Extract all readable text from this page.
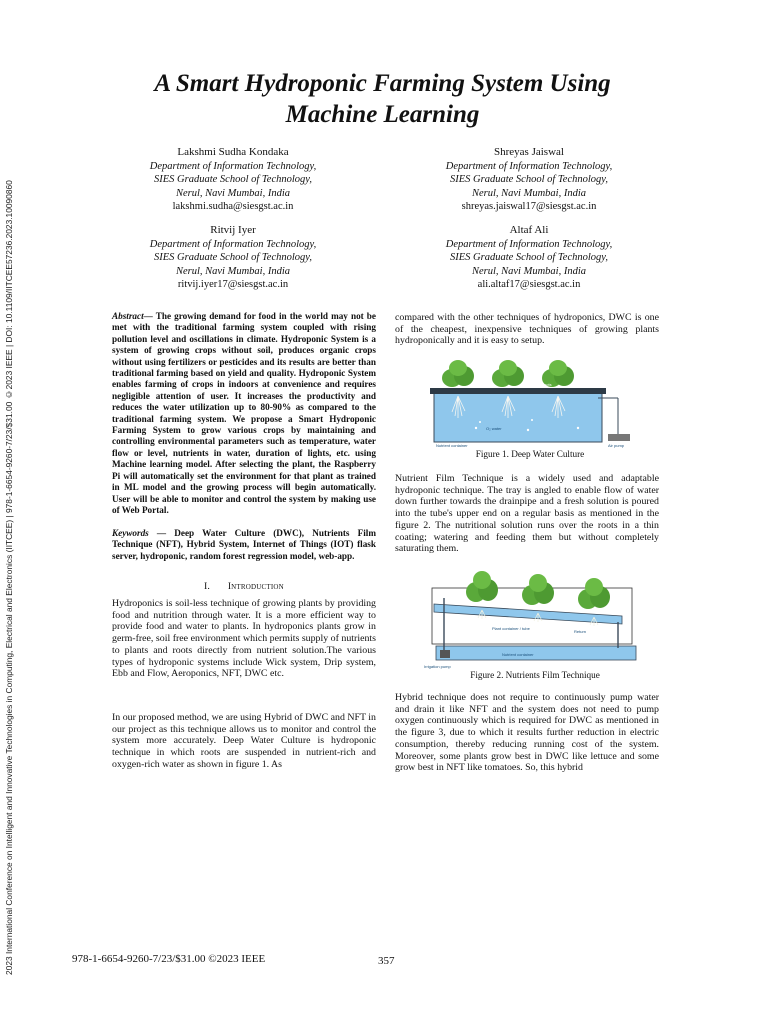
2023 International Conference on Intelligent and Innovative Technologies in Computing, Electrical and Electronics (IITCEE) | 978-1-6654-9260-7/23/$31.00 ©2023 IEEE | DOI: 10.1109/IITCEE57236.2023.10090860
A Smart Hydroponic Farming System Using Machine Learning
Lakshmi Sudha Kondaka
Department of Information Technology,
SIES Graduate School of Technology,
Nerul, Navi Mumbai, India
lakshmi.sudha@siesgst.ac.in
Shreyas Jaiswal
Department of Information Technology,
SIES Graduate School of Technology,
Nerul, Navi Mumbai, India
shreyas.jaiswal17@siesgst.ac.in
Ritvij Iyer
Department of Information Technology,
SIES Graduate School of Technology,
Nerul, Navi Mumbai, India
ritvij.iyer17@siesgst.ac.in
Altaf Ali
Department of Information Technology,
SIES Graduate School of Technology,
Nerul, Navi Mumbai, India
ali.altaf17@siesgst.ac.in
Abstract— The growing demand for food in the world may not be met with the traditional farming system coupled with rising pollution level and oscillations in climate. Hydroponic System is a system of growing crops without soil, produces organic crops without using fertilizers or pesticides and its results are better than traditional farming based on yield and quality. Hydroponic System enables farming of crops in indoors at convenience and requires negligible attention of user. It increases the productivity and reduces the water utilization up to 80-90% as compared to the traditional farming system. We propose a Smart Hydroponic Farming System to grow various crops by maintaining and controlling environmental parameters such as temperature, water flow or level, nutrients in water, duration of lights, etc. using Machine learning model. After selecting the plant, the Raspberry Pi will automatically set the environment for that plant as trained in ML model and the growing process will begin automatically. User will be able to monitor and control the system by making use of Web Portal.
Keywords — Deep Water Culture (DWC), Nutrients Film Technique (NFT), Hybrid System, Internet of Things (IOT) flask server, hydroponic, random forest regression model, web-app.
I. Introduction
Hydroponics is soil-less technique of growing plants by providing food and nutrition through water. It is a more efficient way to provide food and water to plants. In hydroponics plants grow in germ-free, soil free environment which permits supply of nutrients to plants and roots directly from nutrient solution.The various types of hydroponic systems include Wick system, Drip system, Ebb and Flow, Aeroponics, NFT, DWC etc.
In our proposed method, we are using Hybrid of DWC and NFT in our project as this technique allows us to monitor and control the system more accurately. Deep Water Culture is hydroponic technique in which roots are suspended in nutrient-rich and oxygen-rich water as shown in figure 1. As
compared with the other techniques of hydroponics, DWC is one of the cheapest, inexpensive techniques of growing plants hydroponically and it is easy to setup.
Net/Grow pots
O₂ water
Nutrient container	Air pump
Figure 1. Deep Water Culture
Nutrient Film Technique is a widely used and adaptable hydroponic technique. The tray is angled to enable flow of water down further towards the drainpipe and a fresh solution is poured into the tube's upper end on a regular basis as mentioned in the figure 2. The nutritional solution runs over the roots in a thin coating; watering and feeding them but without completely saturating them.
Plant container / tube
Return
Nutrient container
Irrigation pump
Figure 2. Nutrients Film Technique
Hybrid technique does not require to continuously pump water and drain it like NFT and the system does not need to pump oxygen continuously which is required for DWC as mentioned in the figure 3, due to which it results further reduction in electric consumption, thereby reducing running cost of the system. Moreover, some plants grow best in DWC like lettuce and some grow best in NFT like tomatoes. So, this hybrid
978-1-6654-9260-7/23/$31.00 ©2023 IEEE	357
